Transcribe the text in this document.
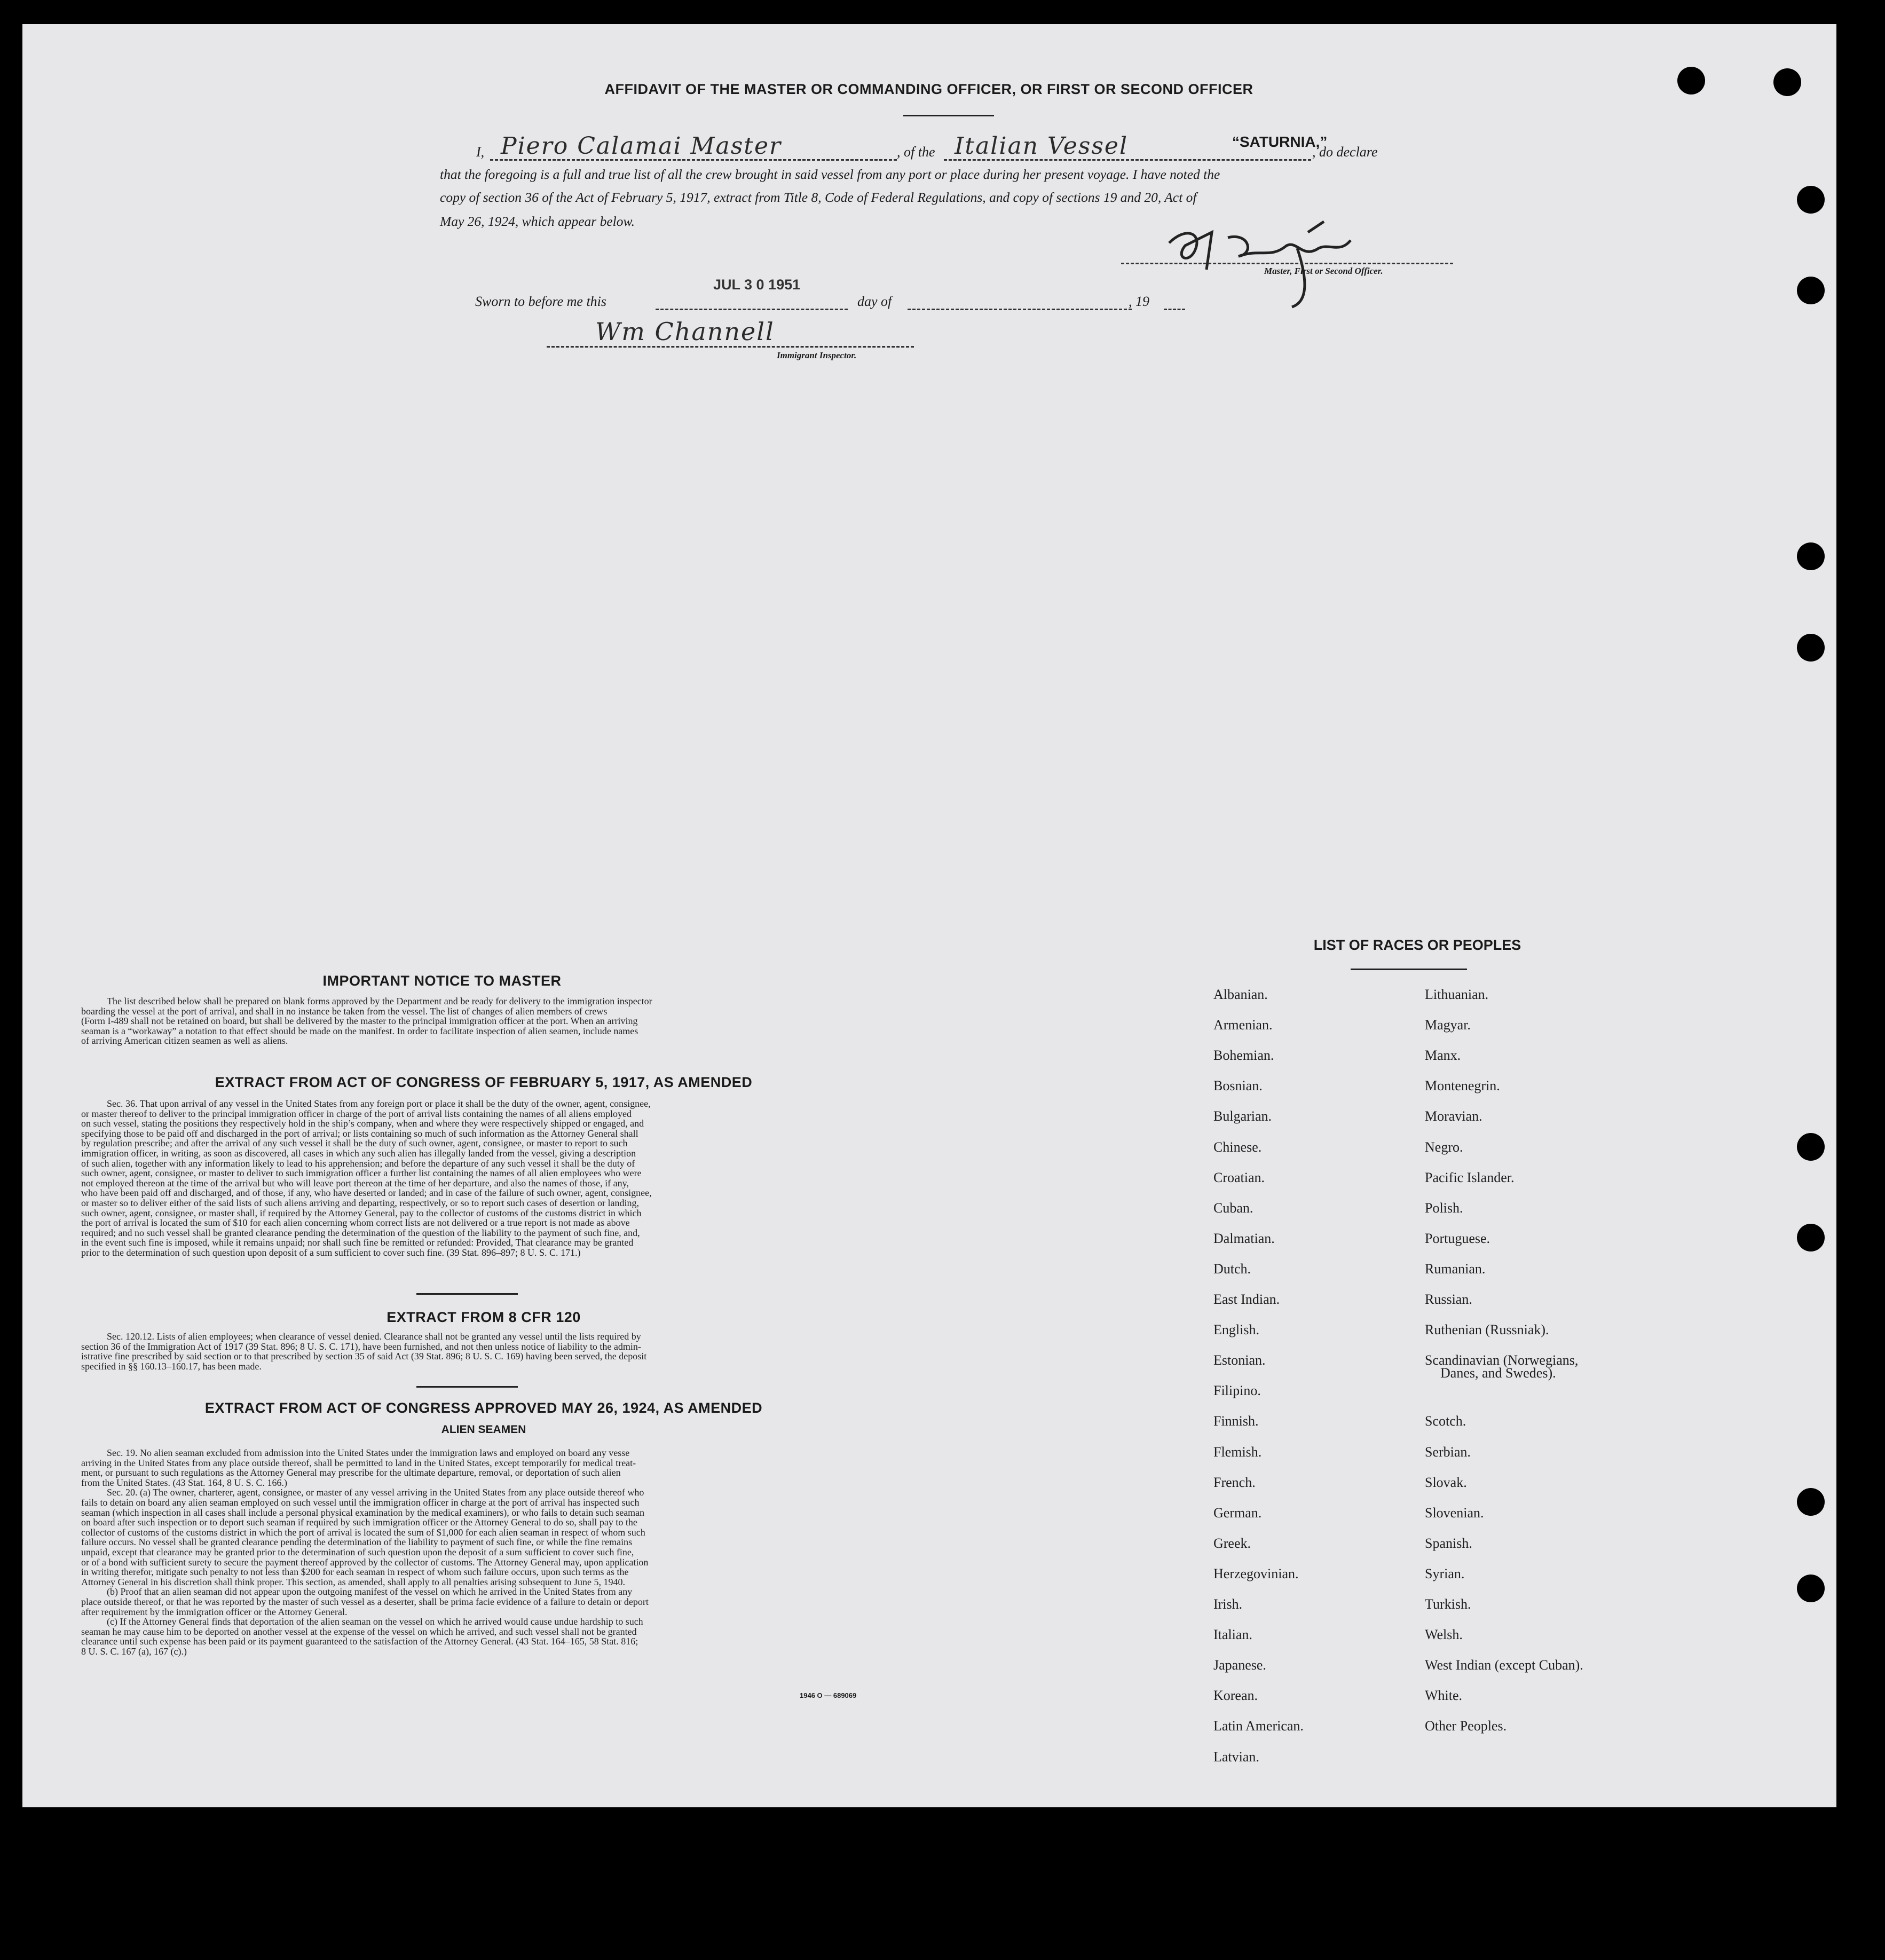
AFFIDAVIT OF THE MASTER OR COMMANDING OFFICER, OR FIRST OR SECOND OFFICER
I, Piero Calamai Master	, of the Italian Vessel	“SATURNIA,”
, do declare
that the foregoing is a full and true list of all the crew brought in said vessel from any port or place during her present voyage. I have noted the
copy of section 36 of the Act of February 5, 1917, extract from Title 8, Code of Federal Regulations, and copy of sections 19 and 20, Act of
May 26, 1924, which appear below.
Master, First or Second Officer.
Sworn to before me this
JUL 3 0 1951
day of	, 19
Wm Channell
Immigrant Inspector.
IMPORTANT NOTICE TO MASTER
The list described below shall be prepared on blank forms approved by the Department and be ready for delivery to the immigration inspector
boarding the vessel at the port of arrival, and shall in no instance be taken from the vessel. The list of changes of alien members of crews
(Form I-489 shall not be retained on board, but shall be delivered by the master to the principal immigration officer at the port. When an arriving
seaman is a “workaway” a notation to that effect should be made on the manifest. In order to facilitate inspection of alien seamen, include names
of arriving American citizen seamen as well as aliens.
EXTRACT FROM ACT OF CONGRESS OF FEBRUARY 5, 1917, AS AMENDED
Sec. 36. That upon arrival of any vessel in the United States from any foreign port or place it shall be the duty of the owner, agent, consignee,
or master thereof to deliver to the principal immigration officer in charge of the port of arrival lists containing the names of all aliens employed
on such vessel, stating the positions they respectively hold in the ship’s company, when and where they were respectively shipped or engaged, and
specifying those to be paid off and discharged in the port of arrival; or lists containing so much of such information as the Attorney General shall
by regulation prescribe; and after the arrival of any such vessel it shall be the duty of such owner, agent, consignee, or master to report to such
immigration officer, in writing, as soon as discovered, all cases in which any such alien has illegally landed from the vessel, giving a description
of such alien, together with any information likely to lead to his apprehension; and before the departure of any such vessel it shall be the duty of
such owner, agent, consignee, or master to deliver to such immigration officer a further list containing the names of all alien employees who were
not employed thereon at the time of the arrival but who will leave port thereon at the time of her departure, and also the names of those, if any,
who have been paid off and discharged, and of those, if any, who have deserted or landed; and in case of the failure of such owner, agent, consignee,
or master so to deliver either of the said lists of such aliens arriving and departing, respectively, or so to report such cases of desertion or landing,
such owner, agent, consignee, or master shall, if required by the Attorney General, pay to the collector of customs of the customs district in which
the port of arrival is located the sum of $10 for each alien concerning whom correct lists are not delivered or a true report is not made as above
required; and no such vessel shall be granted clearance pending the determination of the question of the liability to the payment of such fine, and,
in the event such fine is imposed, while it remains unpaid; nor shall such fine be remitted or refunded: Provided, That clearance may be granted
prior to the determination of such question upon deposit of a sum sufficient to cover such fine. (39 Stat. 896–897; 8 U. S. C. 171.)
EXTRACT FROM 8 CFR 120
Sec. 120.12. Lists of alien employees; when clearance of vessel denied. Clearance shall not be granted any vessel until the lists required by
section 36 of the Immigration Act of 1917 (39 Stat. 896; 8 U. S. C. 171), have been furnished, and not then unless notice of liability to the admin-
istrative fine prescribed by said section or to that prescribed by section 35 of said Act (39 Stat. 896; 8 U. S. C. 169) having been served, the deposit
specified in §§ 160.13–160.17, has been made.
EXTRACT FROM ACT OF CONGRESS APPROVED MAY 26, 1924, AS AMENDED
ALIEN SEAMEN
Sec. 19. No alien seaman excluded from admission into the United States under the immigration laws and employed on board any vesse
arriving in the United States from any place outside thereof, shall be permitted to land in the United States, except temporarily for medical treat-
ment, or pursuant to such regulations as the Attorney General may prescribe for the ultimate departure, removal, or deportation of such alien
from the United States. (43 Stat. 164, 8 U. S. C. 166.)
Sec. 20. (a) The owner, charterer, agent, consignee, or master of any vessel arriving in the United States from any place outside thereof who
fails to detain on board any alien seaman employed on such vessel until the immigration officer in charge at the port of arrival has inspected such
seaman (which inspection in all cases shall include a personal physical examination by the medical examiners), or who fails to detain such seaman
on board after such inspection or to deport such seaman if required by such immigration officer or the Attorney General to do so, shall pay to the
collector of customs of the customs district in which the port of arrival is located the sum of $1,000 for each alien seaman in respect of whom such
failure occurs. No vessel shall be granted clearance pending the determination of the liability to payment of such fine, or while the fine remains
unpaid, except that clearance may be granted prior to the determination of such question upon the deposit of a sum sufficient to cover such fine,
or of a bond with sufficient surety to secure the payment thereof approved by the collector of customs. The Attorney General may, upon application
in writing therefor, mitigate such penalty to not less than $200 for each seaman in respect of whom such failure occurs, upon such terms as the
Attorney General in his discretion shall think proper. This section, as amended, shall apply to all penalties arising subsequent to June 5, 1940.
(b) Proof that an alien seaman did not appear upon the outgoing manifest of the vessel on which he arrived in the United States from any
place outside thereof, or that he was reported by the master of such vessel as a deserter, shall be prima facie evidence of a failure to detain or deport
after requirement by the immigration officer or the Attorney General.
(c) If the Attorney General finds that deportation of the alien seaman on the vessel on which he arrived would cause undue hardship to such
seaman he may cause him to be deported on another vessel at the expense of the vessel on which he arrived, and such vessel shall not be granted
clearance until such expense has been paid or its payment guaranteed to the satisfaction of the Attorney General. (43 Stat. 164–165, 58 Stat. 816;
8 U. S. C. 167 (a), 167 (c).)
1946 O — 689069
LIST OF RACES OR PEOPLES
Albanian.
Armenian.
Bohemian.
Bosnian.
Bulgarian.
Chinese.
Croatian.
Cuban.
Dalmatian.
Dutch.
East Indian.
English.
Estonian.
Filipino.
Finnish.
Flemish.
French.
German.
Greek.
Herzegovinian.
Irish.
Italian.
Japanese.
Korean.
Latin American.
Latvian.
Lithuanian.
Magyar.
Manx.
Montenegrin.
Moravian.
Negro.
Pacific Islander.
Polish.
Portuguese.
Rumanian.
Russian.
Ruthenian (Russniak).
Scandinavian (Norwegians,
Scotch.
Serbian.
Slovak.
Slovenian.
Spanish.
Syrian.
Turkish.
Welsh.
West Indian (except Cuban).
White.
Other Peoples.
Danes, and Swedes).
